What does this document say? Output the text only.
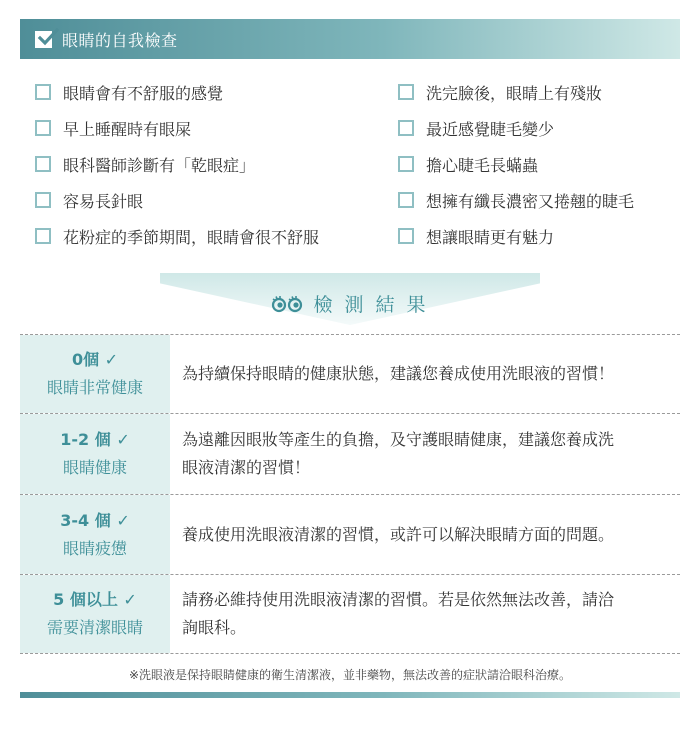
眼睛的自我檢查
眼睛會有不舒服的感覺
早上睡醒時有眼屎
眼科醫師診斷有「乾眼症」
容易長針眼
花粉症的季節期間，眼睛會很不舒服
洗完臉後，眼睛上有殘妝
最近感覺睫毛變少
擔心睫毛長蟎蟲
想擁有纖長濃密又捲翹的睫毛
想讓眼睛更有魅力
檢 測 結 果
0個 ✓
眼睛非常健康
為持續保持眼睛的健康狀態，建議您養成使用洗眼液的習慣！
1-2 個 ✓
眼睛健康
為遠離因眼妝等產生的負擔，及守護眼睛健康，建議您養成洗
眼液清潔的習慣！
3-4 個 ✓
眼睛疲憊
養成使用洗眼液清潔的習慣，或許可以解決眼睛方面的問題。
5 個以上 ✓
需要清潔眼睛
請務必維持使用洗眼液清潔的習慣。若是依然無法改善，請洽
詢眼科。
※洗眼液是保持眼睛健康的衛生清潔液，並非藥物，無法改善的症狀請洽眼科治療。
